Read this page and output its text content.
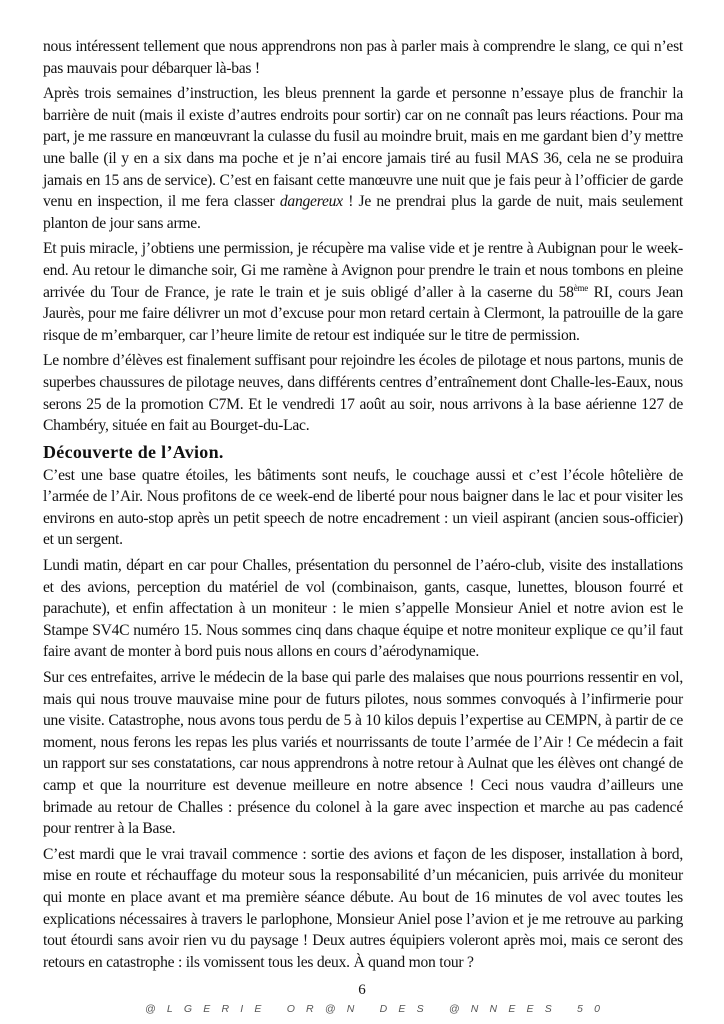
nous intéressent tellement que nous apprendrons non pas à parler mais à comprendre le slang, ce qui n’est pas mauvais pour débarquer là-bas !

Après trois semaines d’instruction, les bleus prennent la garde et personne n’essaye plus de franchir la barrière de nuit (mais il existe d’autres endroits pour sortir) car on ne connaît pas leurs réactions. Pour ma part, je me rassure en manœuvrant la culasse du fusil au moindre bruit, mais en me gardant bien d’y mettre une balle (il y en a six dans ma poche et je n’ai encore jamais tiré au fusil MAS 36, cela ne se produira jamais en 15 ans de service). C’est en faisant cette manœuvre une nuit que je fais peur à l’officier de garde venu en inspection, il me fera classer dangereux ! Je ne prendrai plus la garde de nuit, mais seulement planton de jour sans arme.

Et puis miracle, j’obtiens une permission, je récupère ma valise vide et je rentre à Aubignan pour le week-end. Au retour le dimanche soir, Gi me ramène à Avignon pour prendre le train et nous tombons en pleine arrivée du Tour de France, je rate le train et je suis obligé d’aller à la caserne du 58ème RI, cours Jean Jaurès, pour me faire délivrer un mot d’excuse pour mon retard certain à Clermont, la patrouille de la gare risque de m’embarquer, car l’heure limite de retour est indiquée sur le titre de permission.

Le nombre d’élèves est finalement suffisant pour rejoindre les écoles de pilotage et nous partons, munis de superbes chaussures de pilotage neuves, dans différents centres d’entraînement dont Challe-les-Eaux, nous serons 25 de la promotion C7M. Et le vendredi 17 août au soir, nous arrivons à la base aérienne 127 de Chambéry, située en fait au Bourget-du-Lac.

Découverte de l’Avion.

C’est une base quatre étoiles, les bâtiments sont neufs, le couchage aussi et c’est l’école hôtelière de l’armée de l’Air. Nous profitons de ce week-end de liberté pour nous baigner dans le lac et pour visiter les environs en auto-stop après un petit speech de notre encadrement : un vieil aspirant (ancien sous-officier) et un sergent.

Lundi matin, départ en car pour Challes, présentation du personnel de l’aéro-club, visite des installations et des avions, perception du matériel de vol (combinaison, gants, casque, lunettes, blouson fourré et parachute), et enfin affectation à un moniteur : le mien s’appelle Monsieur Aniel et notre avion est le Stampe SV4C numéro 15. Nous sommes cinq dans chaque équipe et notre moniteur explique ce qu’il faut faire avant de monter à bord puis nous allons en cours d’aérodynamique.

Sur ces entrefaites, arrive le médecin de la base qui parle des malaises que nous pourrions ressentir en vol, mais qui nous trouve mauvaise mine pour de futurs pilotes, nous sommes convoqués à l’infirmerie pour une visite. Catastrophe, nous avons tous perdu de 5 à 10 kilos depuis l’expertise au CEMPN, à partir de ce moment, nous ferons les repas les plus variés et nourrissants de toute l’armée de l’Air ! Ce médecin a fait un rapport sur ses constatations, car nous apprendrons à notre retour à Aulnat que les élèves ont changé de camp et que la nourriture est devenue meilleure en notre absence ! Ceci nous vaudra d’ailleurs une brimade au retour de Challes : présence du colonel à la gare avec inspection et marche au pas cadencé pour rentrer à la Base.

C’est mardi que le vrai travail commence : sortie des avions et façon de les disposer, installation à bord, mise en route et réchauffage du moteur sous la responsabilité d’un mécanicien, puis arrivée du moniteur qui monte en place avant et ma première séance débute. Au bout de 16 minutes de vol avec toutes les explications nécessaires à travers le parlophone, Monsieur Aniel pose l’avion et je me retrouve au parking tout étourdi sans avoir rien vu du paysage ! Deux autres équipiers voleront après moi, mais ce seront des retours en catastrophe : ils vomissent tous les deux. À quand mon tour ?

6
@LGERIE OR@N DES @NNEES 50
